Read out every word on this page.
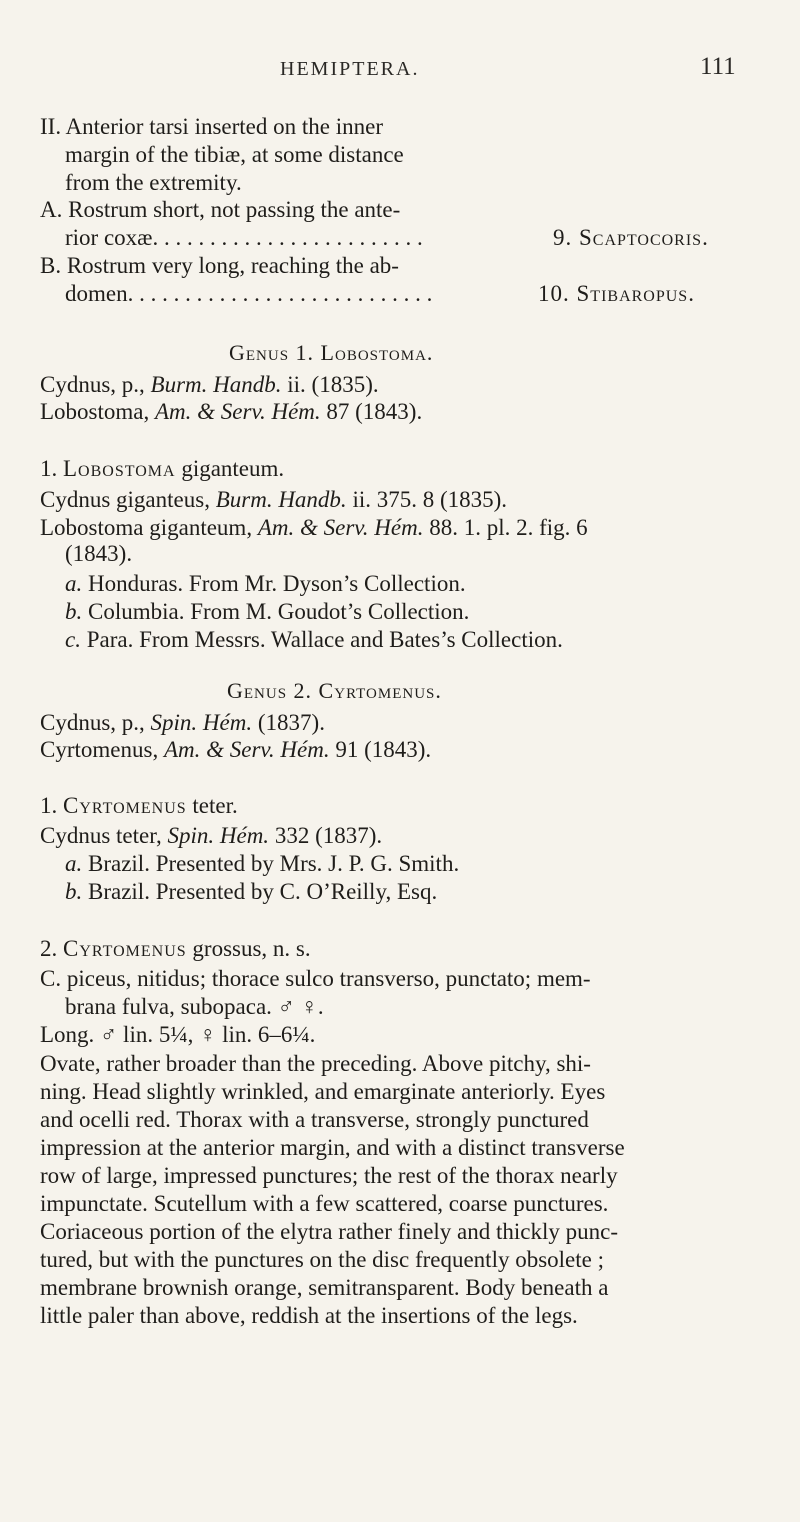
HEMIPTERA.	111
II. Anterior tarsi inserted on the inner
margin of the tibiæ, at some distance
from the extremity.
A. Rostrum short, not passing the ante-
rior coxæ. . . . . . . . . . . . . . . . . . . . . . . .	9. Scaptocoris.
B. Rostrum very long, reaching the ab-
domen. . . . . . . . . . . . . . . . . . . . . . . . . . .	10. Stibaropus.
Genus 1. Lobostoma.
Cydnus, p., Burm. Handb. ii. (1835).
Lobostoma, Am. & Serv. Hém. 87 (1843).
1. Lobostoma giganteum.
Cydnus giganteus, Burm. Handb. ii. 375. 8 (1835).
Lobostoma giganteum, Am. & Serv. Hém. 88. 1. pl. 2. fig. 6
(1843).
a. Honduras. From Mr. Dyson’s Collection.
b. Columbia. From M. Goudot’s Collection.
c. Para. From Messrs. Wallace and Bates’s Collection.
Genus 2. Cyrtomenus.
Cydnus, p., Spin. Hém. (1837).
Cyrtomenus, Am. & Serv. Hém. 91 (1843).
1. Cyrtomenus teter.
Cydnus teter, Spin. Hém. 332 (1837).
a. Brazil. Presented by Mrs. J. P. G. Smith.
b. Brazil. Presented by C. O’Reilly, Esq.
2. Cyrtomenus grossus, n. s.
C. piceus, nitidus; thorace sulco transverso, punctato; mem-
brana fulva, subopaca. ♂ ♀.
Long. ♂ lin. 5¼, ♀ lin. 6–6¼.
Ovate, rather broader than the preceding. Above pitchy, shi-
ning. Head slightly wrinkled, and emarginate anteriorly. Eyes
and ocelli red. Thorax with a transverse, strongly punctured
impression at the anterior margin, and with a distinct transverse
row of large, impressed punctures; the rest of the thorax nearly
impunctate. Scutellum with a few scattered, coarse punctures.
Coriaceous portion of the elytra rather finely and thickly punc-
tured, but with the punctures on the disc frequently obsolete ;
membrane brownish orange, semitransparent. Body beneath a
little paler than above, reddish at the insertions of the legs.
